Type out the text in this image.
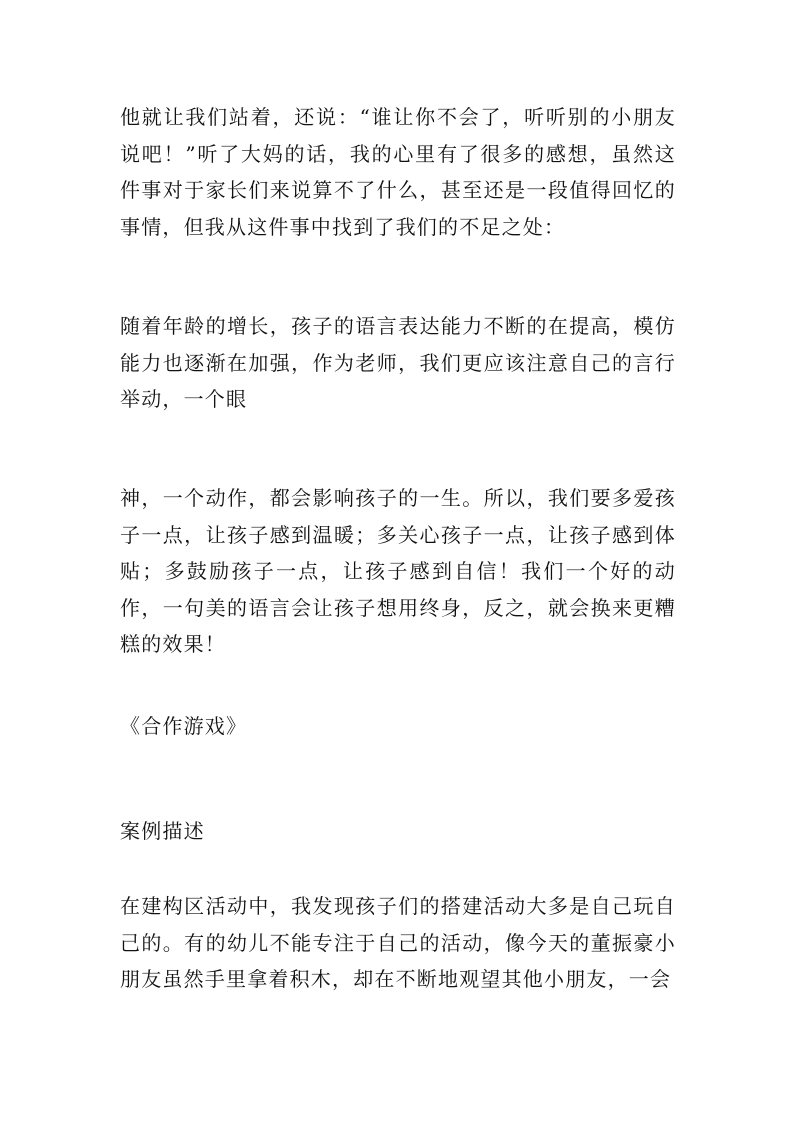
他就让我们站着，还说：“谁让你不会了，听听别的小朋友说吧！”听了大妈的话，我的心里有了很多的感想，虽然这件事对于家长们来说算不了什么，甚至还是一段值得回忆的事情，但我从这件事中找到了我们的不足之处：

随着年龄的增长，孩子的语言表达能力不断的在提高，模仿能力也逐渐在加强，作为老师，我们更应该注意自己的言行举动，一个眼

神，一个动作，都会影响孩子的一生。所以，我们要多爱孩子一点，让孩子感到温暖；多关心孩子一点，让孩子感到体贴；多鼓励孩子一点，让孩子感到自信！我们一个好的动作，一句美的语言会让孩子想用终身，反之，就会换来更糟糕的效果！

《合作游戏》

案例描述

在建构区活动中，我发现孩子们的搭建活动大多是自己玩自己的。有的幼儿不能专注于自己的活动，像今天的董振豪小朋友虽然手里拿着积木，却在不断地观望其他小朋友，一会
